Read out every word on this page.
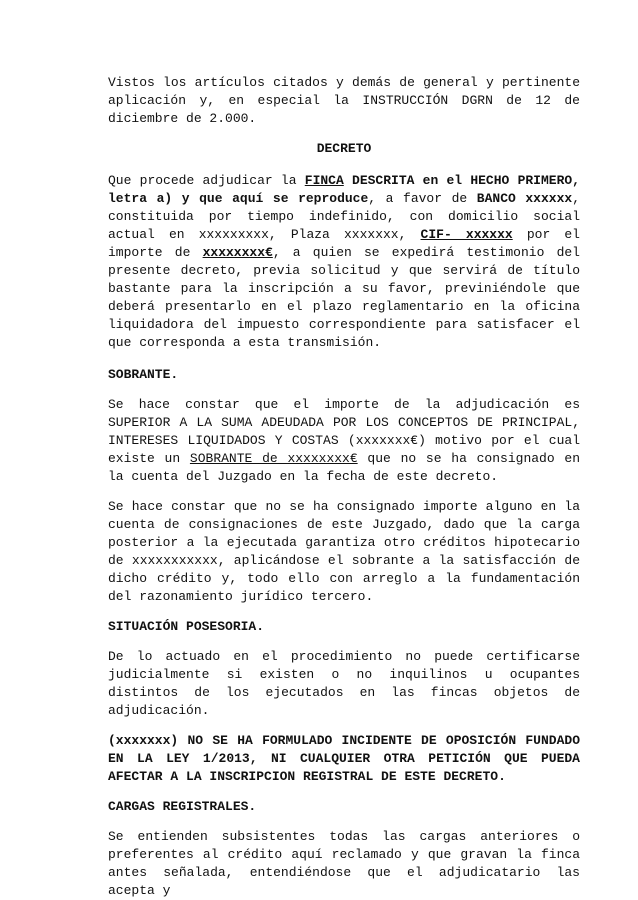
Vistos los artículos citados y demás de general y pertinente aplicación y, en especial la INSTRUCCIÓN DGRN de 12 de diciembre de 2.000.

DECRETO

Que procede adjudicar la FINCA DESCRITA en el HECHO PRIMERO, letra a) y que aquí se reproduce, a favor de BANCO xxxxxx, constituida por tiempo indefinido, con domicilio social actual en xxxxxxxxx, Plaza xxxxxxx, CIF- xxxxxx por el importe de xxxxxxxx€, a quien se expedirá testimonio del presente decreto, previa solicitud y que servirá de título bastante para la inscripción a su favor, previniéndole que deberá presentarlo en el plazo reglamentario en la oficina liquidadora del impuesto correspondiente para satisfacer el que corresponda a esta transmisión.

SOBRANTE.

Se hace constar que el importe de la adjudicación es SUPERIOR A LA SUMA ADEUDADA POR LOS CONCEPTOS DE PRINCIPAL, INTERESES LIQUIDADOS Y COSTAS (xxxxxxx€) motivo por el cual existe un SOBRANTE de xxxxxxxx€ que no se ha consignado en la cuenta del Juzgado en la fecha de este decreto.

Se hace constar que no se ha consignado importe alguno en la cuenta de consignaciones de este Juzgado, dado que la carga posterior a la ejecutada garantiza otro créditos hipotecario de xxxxxxxxxxx, aplicándose el sobrante a la satisfacción de dicho crédito y, todo ello con arreglo a la fundamentación del razonamiento jurídico tercero.

SITUACIÓN POSESORIA.

De lo actuado en el procedimiento no puede certificarse judicialmente si existen o no inquilinos u ocupantes distintos de los ejecutados en las fincas objetos de adjudicación.

(xxxxxxx) NO SE HA FORMULADO INCIDENTE DE OPOSICIÓN FUNDADO EN LA LEY 1/2013, NI CUALQUIER OTRA PETICIÓN QUE PUEDA AFECTAR A LA INSCRIPCION REGISTRAL DE ESTE DECRETO.

CARGAS REGISTRALES.

Se entienden subsistentes todas las cargas anteriores o preferentes al crédito aquí reclamado y que gravan la finca antes señalada, entendiéndose que el adjudicatario las acepta y
